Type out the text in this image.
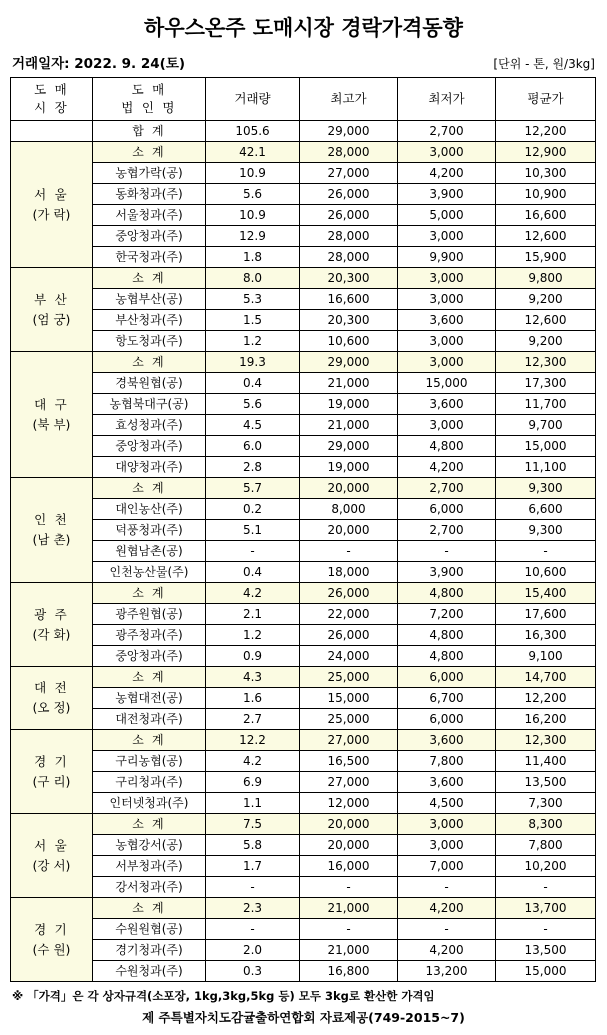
하우스온주 도매시장 경락가격동향
거래일자: 2022. 9. 24(토)	[단위 - 톤, 원/3kg]
도 매
시 장	도 매
법 인 명	거래량	최고가	최저가	평균가
	합 계	105.6	29,000	2,700	12,200

서 울
(가 락)	소 계	42.1	28,000	3,000	12,900
	농협가락(공)	10.9	27,000	4,200	10,300
	동화청과(주)	5.6	26,000	3,900	10,900
	서울청과(주)	10.9	26,000	5,000	16,600
	중앙청과(주)	12.9	28,000	3,000	12,600
	한국청과(주)	1.8	28,000	9,900	15,900

부 산
(엄 궁)	소 계	8.0	20,300	3,000	9,800
	농협부산(공)	5.3	16,600	3,000	9,200
	부산청과(주)	1.5	20,300	3,600	12,600
	항도청과(주)	1.2	10,600	3,000	9,200

대 구
(북 부)	소 계	19.3	29,000	3,000	12,300
	경북원협(공)	0.4	21,000	15,000	17,300
	농협북대구(공)	5.6	19,000	3,600	11,700
	효성청과(주)	4.5	21,000	3,000	9,700
	중앙청과(주)	6.0	29,000	4,800	15,000
	대양청과(주)	2.8	19,000	4,200	11,100

인 천
(남 촌)	소 계	5.7	20,000	2,700	9,300
	대인농산(주)	0.2	8,000	6,000	6,600
	덕풍청과(주)	5.1	20,000	2,700	9,300
	원협남촌(공)	-	-	-	-
	인천농산물(주)	0.4	18,000	3,900	10,600

광 주
(각 화)	소 계	4.2	26,000	4,800	15,400
	광주원협(공)	2.1	22,000	7,200	17,600
	광주청과(주)	1.2	26,000	4,800	16,300
	중앙청과(주)	0.9	24,000	4,800	9,100

대 전
(오 정)	소 계	4.3	25,000	6,000	14,700
	농협대전(공)	1.6	15,000	6,700	12,200
	대전청과(주)	2.7	25,000	6,000	16,200

경 기
(구 리)	소 계	12.2	27,000	3,600	12,300
	구리농협(공)	4.2	16,500	7,800	11,400
	구리청과(주)	6.9	27,000	3,600	13,500
	인터넷청과(주)	1.1	12,000	4,500	7,300

서 울
(강 서)	소 계	7.5	20,000	3,000	8,300
	농협강서(공)	5.8	20,000	3,000	7,800
	서부청과(주)	1.7	16,000	7,000	10,200
	강서청과(주)	-	-	-	-

경 기
(수 원)	소 계	2.3	21,000	4,200	13,700
	수원원협(공)	-	-	-	-
	경기청과(주)	2.0	21,000	4,200	13,500
	수원청과(주)	0.3	16,800	13,200	15,000
※ 「가격」은 각 상자규격(소포장, 1kg,3kg,5kg 등) 모두 3kg로 환산한 가격임
제 주특별자치도감귤출하연합회 자료제공(749-2015~7)
